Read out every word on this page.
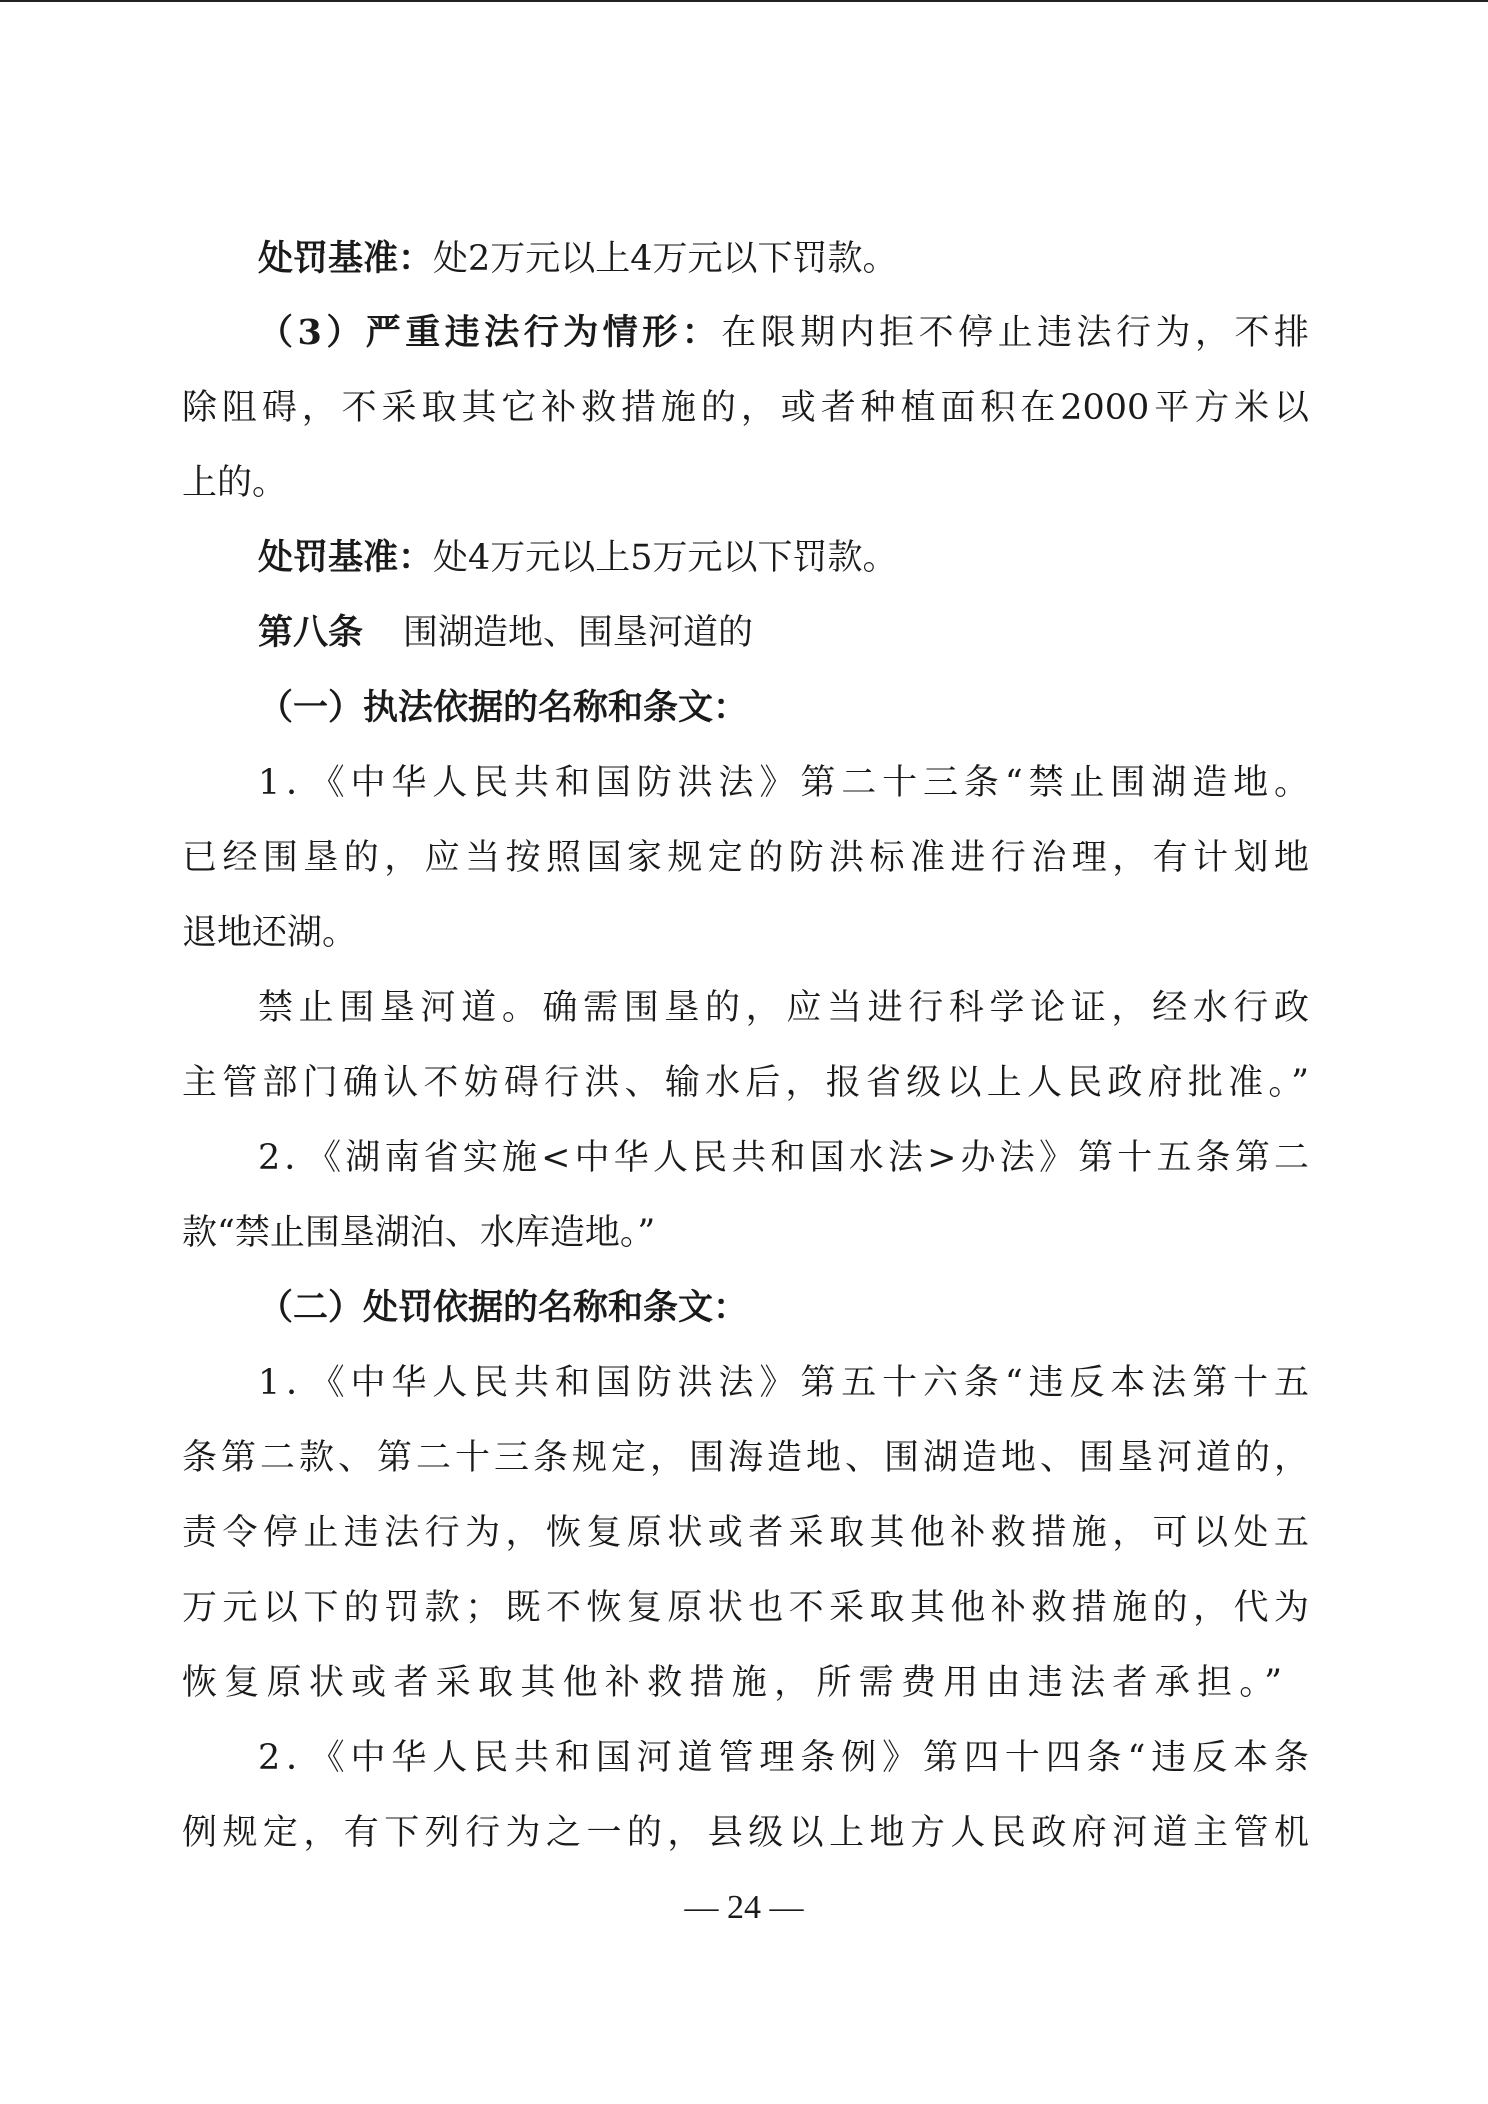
处罚基准：处2万元以上4万元以下罚款。
（3）严重违法行为情形：在限期内拒不停止违法行为，不排
除阻碍，不采取其它补救措施的，或者种植面积在2000平方米以
上的。
处罚基准：处4万元以上5万元以下罚款。
第八条 围湖造地、围垦河道的
（一）执法依据的名称和条文：
1．《中华人民共和国防洪法》第二十三条“禁止围湖造地。
已经围垦的，应当按照国家规定的防洪标准进行治理，有计划地
退地还湖。
禁止围垦河道。确需围垦的，应当进行科学论证，经水行政
主管部门确认不妨碍行洪、输水后，报省级以上人民政府批准。”
2．《湖南省实施<中华人民共和国水法>办法》第十五条第二
款“禁止围垦湖泊、水库造地。”
（二）处罚依据的名称和条文：
1．《中华人民共和国防洪法》第五十六条“违反本法第十五
条第二款、第二十三条规定，围海造地、围湖造地、围垦河道的，
责令停止违法行为，恢复原状或者采取其他补救措施，可以处五
万元以下的罚款；既不恢复原状也不采取其他补救措施的，代为
恢复原状或者采取其他补救措施，所需费用由违法者承担。”
2．《中华人民共和国河道管理条例》第四十四条“违反本条
例规定，有下列行为之一的，县级以上地方人民政府河道主管机
— 24 —
